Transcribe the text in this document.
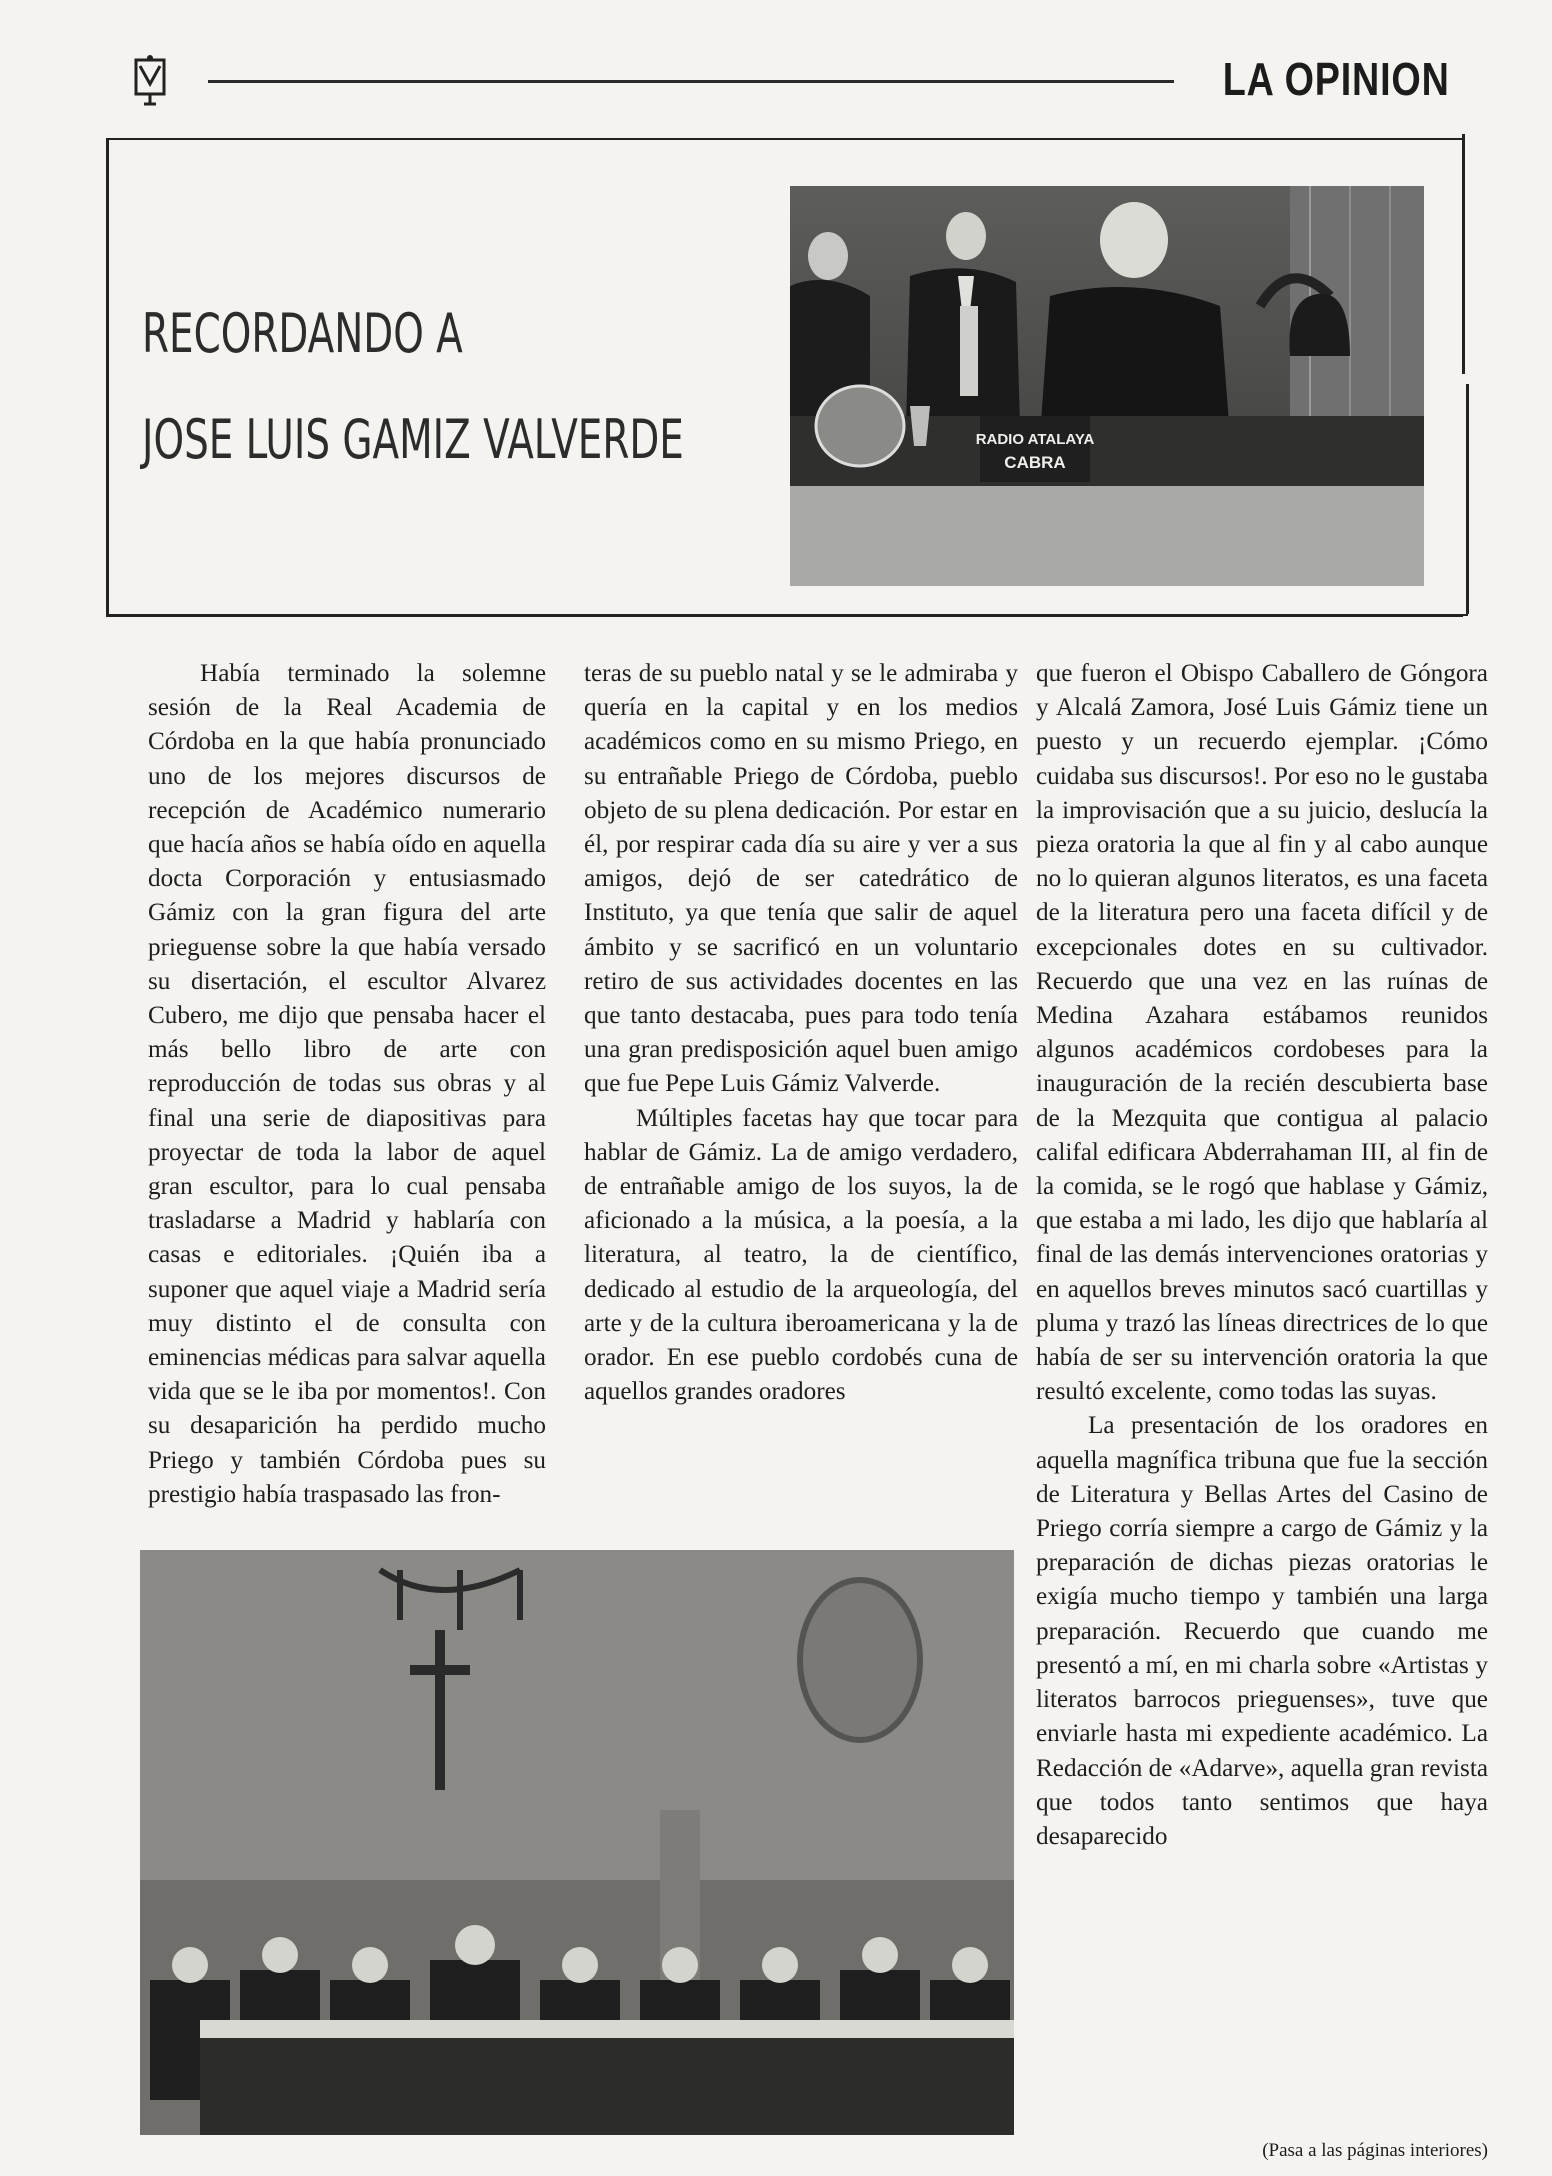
LA OPINION
RECORDANDO A
JOSE LUIS GAMIZ VALVERDE	RADIO ATALAYA
CABRA

Había terminado la solemne sesión de la Real Academia de Córdoba en la que había pronunciado uno de los mejores discursos de recepción de Académico numerario que hacía años se había oído en aquella docta Corporación y entusiasmado Gámiz con la gran figura del arte prieguense sobre la que había versado su disertación, el escultor Alvarez Cubero, me dijo que pensaba hacer el más bello libro de arte con reproducción de todas sus obras y al final una serie de diapositivas para proyectar de toda la labor de aquel gran escultor, para lo cual pensaba trasladarse a Madrid y hablaría con casas e editoriales. ¡Quién iba a suponer que aquel viaje a Madrid sería muy distinto el de consulta con eminencias médicas para salvar aquella vida que se le iba por momentos!. Con su desaparición ha perdido mucho Priego y también Córdoba pues su prestigio había traspasado las fron-

teras de su pueblo natal y se le admiraba y quería en la capital y en los medios académicos como en su mismo Priego, en su entrañable Priego de Córdoba, pueblo objeto de su plena dedicación. Por estar en él, por respirar cada día su aire y ver a sus amigos, dejó de ser catedrático de Instituto, ya que tenía que salir de aquel ámbito y se sacrificó en un voluntario retiro de sus actividades docentes en las que tanto destacaba, pues para todo tenía una gran predisposición aquel buen amigo que fue Pepe Luis Gámiz Valverde.

Múltiples facetas hay que tocar para hablar de Gámiz. La de amigo verdadero, de entrañable amigo de los suyos, la de aficionado a la música, a la poesía, a la literatura, al teatro, la de científico, dedicado al estudio de la arqueología, del arte y de la cultura iberoamericana y la de orador. En ese pueblo cordobés cuna de aquellos grandes oradores

que fueron el Obispo Caballero de Góngora y Alcalá Zamora, José Luis Gámiz tiene un puesto y un recuerdo ejemplar. ¡Cómo cuidaba sus discursos!. Por eso no le gustaba la improvisación que a su juicio, deslucía la pieza oratoria la que al fin y al cabo aunque no lo quieran algunos literatos, es una faceta de la literatura pero una faceta difícil y de excepcionales dotes en su cultivador. Recuerdo que una vez en las ruínas de Medina Azahara estábamos reunidos algunos académicos cordobeses para la inauguración de la recién descubierta base de la Mezquita que contigua al palacio califal edificara Abderrahaman III, al fin de la comida, se le rogó que hablase y Gámiz, que estaba a mi lado, les dijo que hablaría al final de las demás intervenciones oratorias y en aquellos breves minutos sacó cuartillas y pluma y trazó las líneas directrices de lo que había de ser su intervención oratoria la que resultó excelente, como todas las suyas.

La presentación de los oradores en aquella magnífica tribuna que fue la sección de Literatura y Bellas Artes del Casino de Priego corría siempre a cargo de Gámiz y la preparación de dichas piezas oratorias le exigía mucho tiempo y también una larga preparación. Recuerdo que cuando me presentó a mí, en mi charla sobre «Artistas y literatos barrocos prieguenses», tuve que enviarle hasta mi expediente académico. La Redacción de «Adarve», aquella gran revista que todos tanto sentimos que haya desaparecido

(Pasa a las páginas interiores)
